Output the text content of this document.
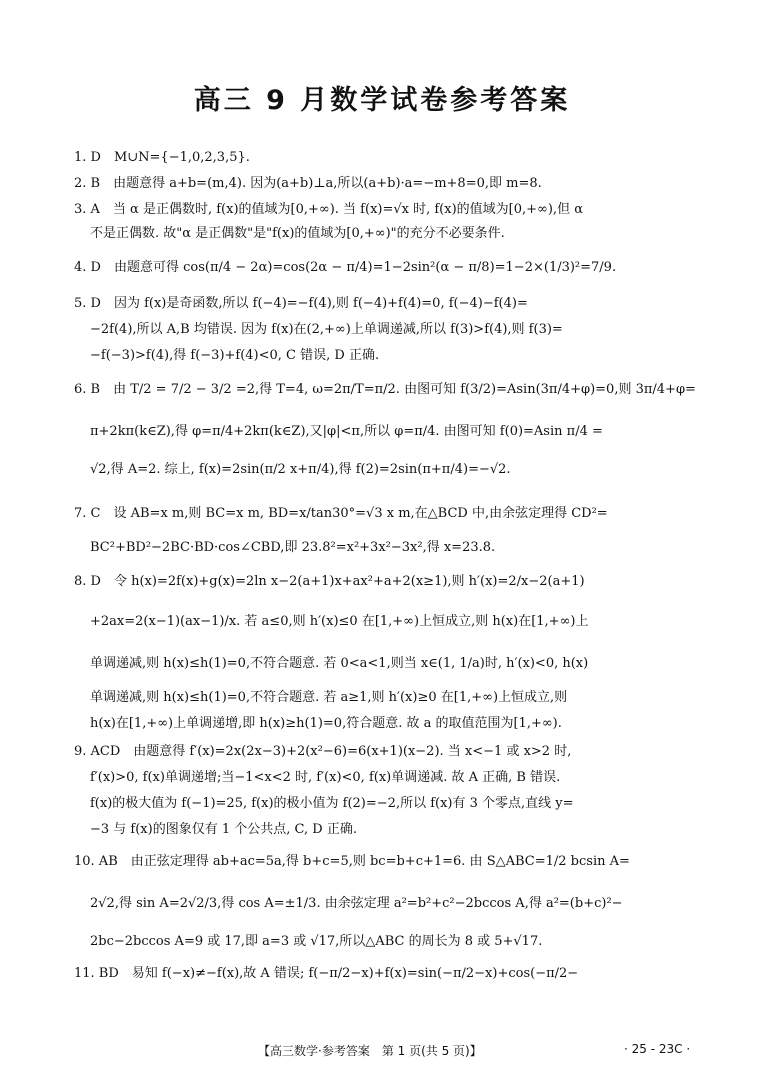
高三 9 月数学试卷参考答案
1. D　M∪N={−1,0,2,3,5}.
2. B　由题意得 a+b=(m,4). 因为(a+b)⊥a,所以(a+b)·a=−m+8=0,即 m=8.
3. A　当 α 是正偶数时, f(x)的值域为[0,+∞). 当 f(x)=√x 时, f(x)的值域为[0,+∞),但 α
不是正偶数. 故"α 是正偶数"是"f(x)的值域为[0,+∞)"的充分不必要条件.
4. D　由题意可得 cos(π/4 − 2α)=cos(2α − π/4)=1−2sin²(α − π/8)=1−2×(1/3)²=7/9.
5. D　因为 f(x)是奇函数,所以 f(−4)=−f(4),则 f(−4)+f(4)=0, f(−4)−f(4)=
−2f(4),所以 A,B 均错误. 因为 f(x)在(2,+∞)上单调递减,所以 f(3)>f(4),则 f(3)=
−f(−3)>f(4),得 f(−3)+f(4)<0, C 错误, D 正确.
6. B　由 T/2 = 7/2 − 3/2 =2,得 T=4, ω=2π/T=π/2. 由图可知 f(3/2)=Asin(3π/4+φ)=0,则 3π/4+φ=
π+2kπ(k∈Z),得 φ=π/4+2kπ(k∈Z),又|φ|<π,所以 φ=π/4. 由图可知 f(0)=Asin π/4 =
√2,得 A=2. 综上, f(x)=2sin(π/2 x+π/4),得 f(2)=2sin(π+π/4)=−√2.
7. C　设 AB=x m,则 BC=x m, BD=x/tan30°=√3 x m,在△BCD 中,由余弦定理得 CD²=
BC²+BD²−2BC·BD·cos∠CBD,即 23.8²=x²+3x²−3x²,得 x=23.8.
8. D　令 h(x)=2f(x)+g(x)=2ln x−2(a+1)x+ax²+a+2(x≥1),则 h′(x)=2/x−2(a+1)
+2ax=2(x−1)(ax−1)/x. 若 a≤0,则 h′(x)≤0 在[1,+∞)上恒成立,则 h(x)在[1,+∞)上
单调递减,则 h(x)≤h(1)=0,不符合题意. 若 0<a<1,则当 x∈(1, 1/a)时, h′(x)<0, h(x)
单调递减,则 h(x)≤h(1)=0,不符合题意. 若 a≥1,则 h′(x)≥0 在[1,+∞)上恒成立,则
h(x)在[1,+∞)上单调递增,即 h(x)≥h(1)=0,符合题意. 故 a 的取值范围为[1,+∞).
9. ACD　由题意得 f′(x)=2x(2x−3)+2(x²−6)=6(x+1)(x−2). 当 x<−1 或 x>2 时,
f′(x)>0, f(x)单调递增;当−1<x<2 时, f′(x)<0, f(x)单调递减. 故 A 正确, B 错误.
f(x)的极大值为 f(−1)=25, f(x)的极小值为 f(2)=−2,所以 f(x)有 3 个零点,直线 y=
−3 与 f(x)的图象仅有 1 个公共点, C, D 正确.
10. AB　由正弦定理得 ab+ac=5a,得 b+c=5,则 bc=b+c+1=6. 由 S△ABC=1/2 bcsin A=
2√2,得 sin A=2√2/3,得 cos A=±1/3. 由余弦定理 a²=b²+c²−2bccos A,得 a²=(b+c)²−
2bc−2bccos A=9 或 17,即 a=3 或 √17,所以△ABC 的周长为 8 或 5+√17.
11. BD　易知 f(−x)≠−f(x),故 A 错误; f(−π/2−x)+f(x)=sin(−π/2−x)+cos(−π/2−
【高三数学·参考答案　第 1 页(共 5 页)】	· 25 - 23C ·
